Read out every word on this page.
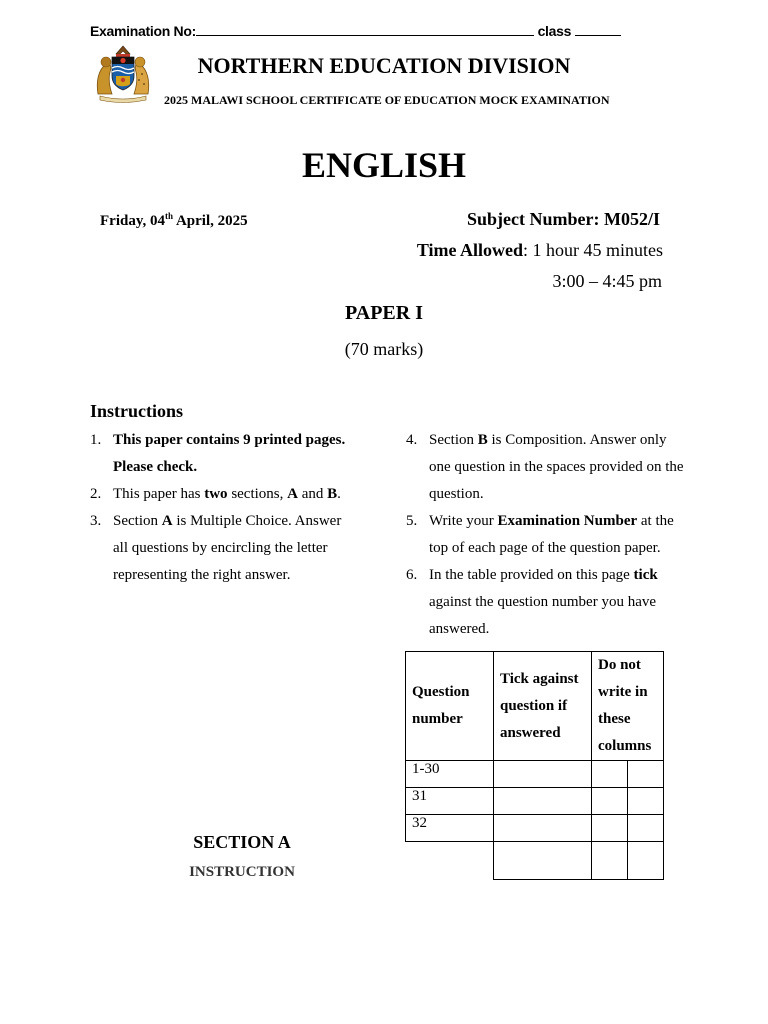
Examination No:	class
NORTHERN EDUCATION DIVISION
2025 MALAWI SCHOOL CERTIFICATE OF EDUCATION MOCK EXAMINATION
ENGLISH
Friday, 04th April, 2025	Subject Number: M052/I
Time Allowed: 1 hour 45 minutes
3:00 – 4:45 pm
PAPER I
(70 marks)
Instructions
1. This paper contains 9 printed pages. Please check.
2. This paper has two sections, A and B.
3. Section A is Multiple Choice. Answer all questions by encircling the letter representing the right answer.
4. Section B is Composition. Answer only one question in the spaces provided on the question.
5. Write your Examination Number at the top of each page of the question paper.
6. In the table provided on this page tick against the question number you have answered.
Question number	Tick against question if answered	Do not write in these columns	
1-30			
31			
32			

SECTION A
INSTRUCTION
